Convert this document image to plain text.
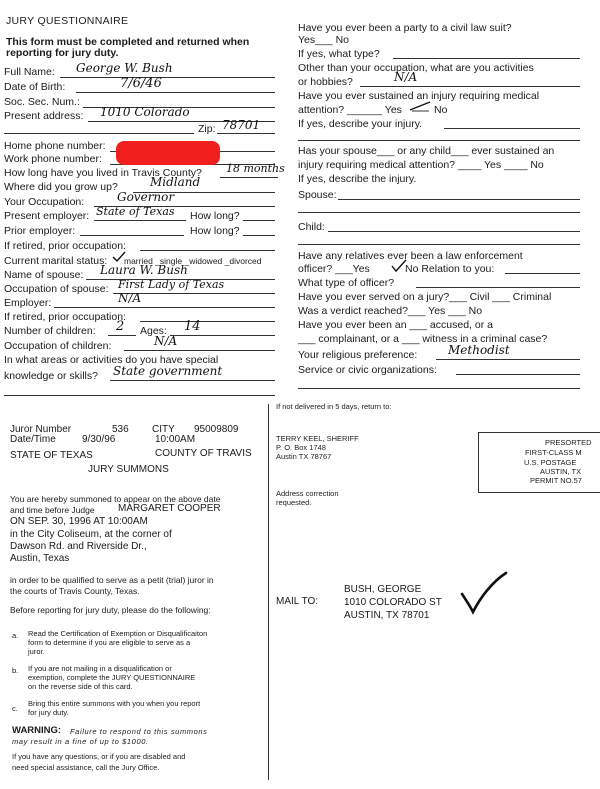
JURY QUESTIONNAIRE
This form must be completed and returned when
reporting for jury duty.
Full Name: George W. Bush
Date of Birth:	7/6/46
Soc. Sec. Num.:
Present address: 1010 Colorado
Zip: 78701
Home phone number:
Work phone number:
How long have you lived in Travis County? 18 months
Where did you grow up?	Midland
Your Occupation:	Governor
Present employer: State of Texas How long?
Prior employer:	How long?
If retired, prior occupation:
Current marital status: married _single _widowed _divorced
Name of spouse: Laura W. Bush
Occupation of spouse: First Lady of Texas
Employer:	N/A
If retired, prior occupation:
Number of children: 2 Ages: 14
Occupation of children:	N/A
In what areas or activities do you have special
knowledge or skills? State government
Have you ever been a party to a civil law suit?
Yes___ No
If yes, what type?
Other than your occupation, what are you activities
or hobbies?	N/A
Have you ever sustained an injury requiring medical
attention? ______ Yes	No
If yes, describe your injury.
Has your spouse___ or any child___ ever sustained an
injury requiring medical attention? ____ Yes ____ No
If yes, describe the injury.
Spouse:
Child:
Have any relatives ever been a law enforcement
officer? ___Yes	No Relation to you:
What type of officer?
Have you ever served on a jury?___ Civil ___ Criminal
Was a verdict reached?___ Yes ___ No
Have you ever been an ___ accused, or a
___ complainant, or a ___ witness in a criminal case?
Your religious preference:	Methodist
Service or civic organizations:
Juror Number	536 CITY 95009809
Date/Time	9/30/96	10:00AM
STATE OF TEXAS	COUNTY OF TRAVIS
JURY SUMMONS
You are hereby summoned to appear on the above date
and time before Judge MARGARET COOPER
ON SEP. 30, 1996 AT 10:00AM
in the City Coliseum, at the corner of
Dawson Rd. and Riverside Dr.,
Austin, Texas
in order to be qualified to serve as a petit (trial) juror in
the courts of Travis County, Texas.
Before reporting for jury duty, please do the following:
a. Read the Certification of Exemption or Disqualificaiton
form to determine if you are eligible to serve as a
juror.
b. If you are not mailing in a disqualification or
exemption, complete the JURY QUESTIONNAIRE
on the reverse side of this card.
c.
Bring this entire summons with you when you report
for jury duty.
WARNING: Failure to respond to this summons
may result in a fine of up to $1000.
If you have any questions, or if you are disabled and
need special assistance, call the Jury Office.
If not delivered in 5 days, return to:
TERRY KEEL, SHERIFF
P. O. Box 1748
Austin TX 78767
PRESORTED
FIRST-CLASS M
U.S. POSTAGE
AUSTIN, TX
PERMIT NO.57
Address correction
requested.
MAIL TO:
BUSH, GEORGE
1010 COLORADO ST
AUSTIN, TX 78701
